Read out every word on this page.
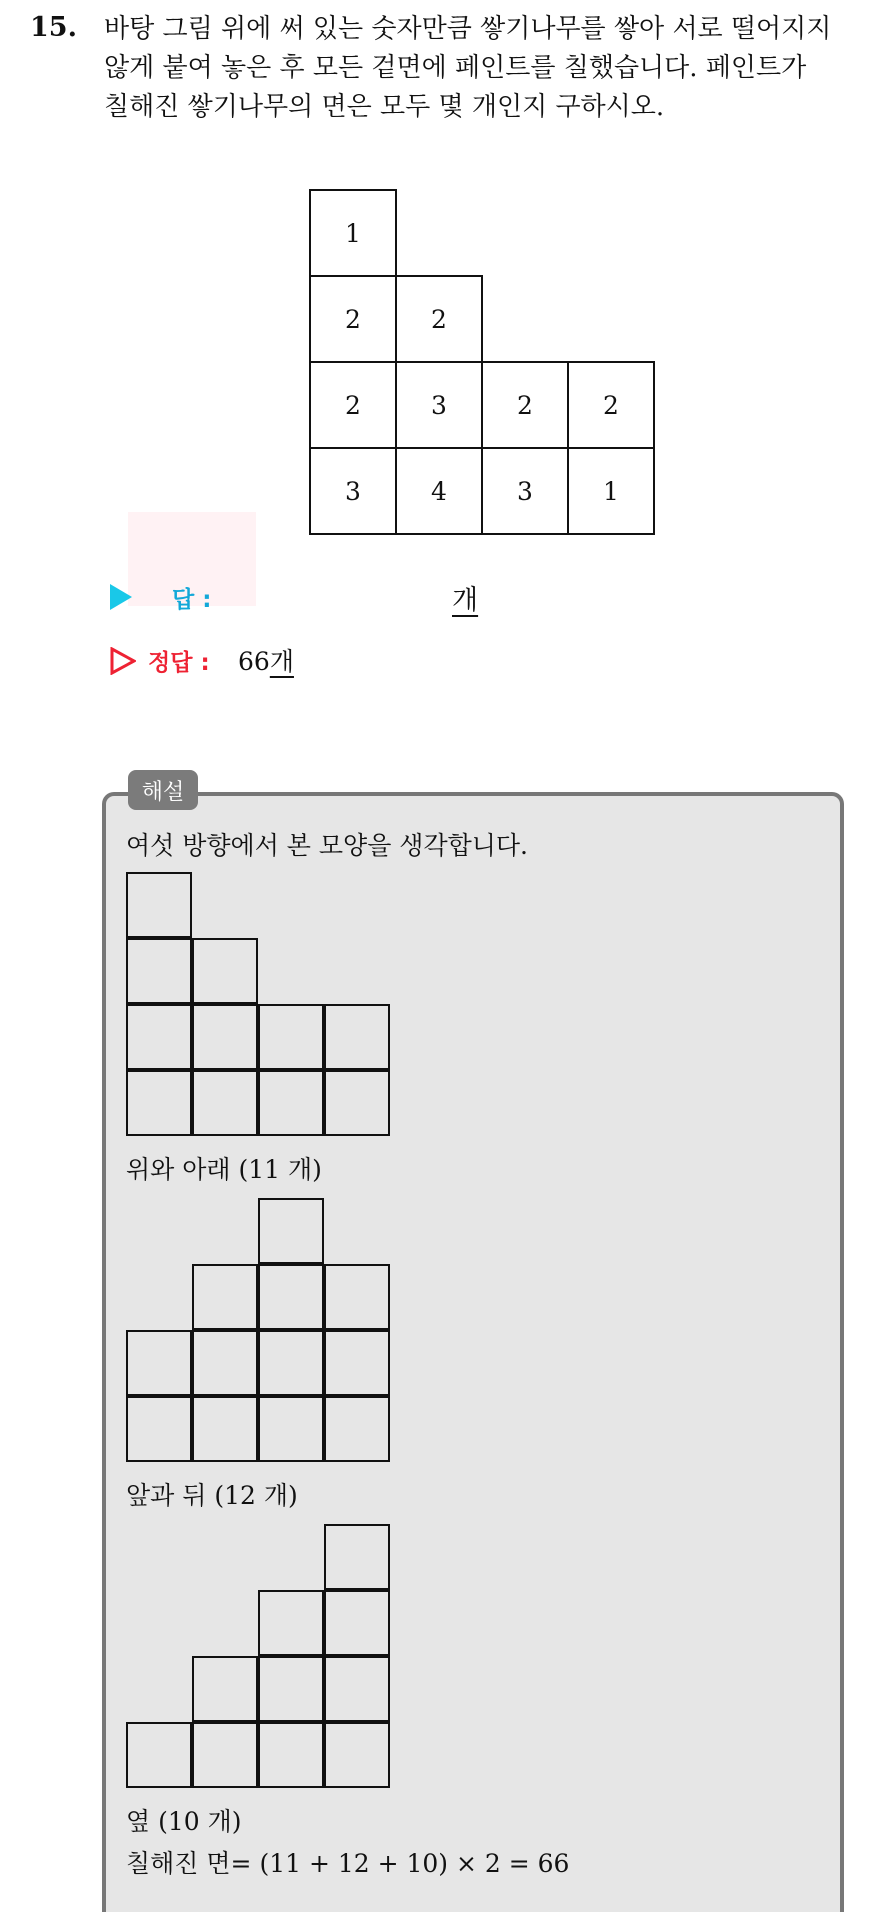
15. 바탕 그림 위에 써 있는 숫자만큼 쌓기나무를 쌓아 서로 떨어지지
않게 붙여 놓은 후 모든 겉면에 페인트를 칠했습니다. 페인트가
칠해진 쌓기나무의 면은 모두 몇 개인지 구하시오.
1
2	2
2	3	2	2
3	4	3	1
답 :	개
정답 : 66개
해설
여섯 방향에서 본 모양을 생각합니다.
위와 아래 (11 개)
앞과 뒤 (12 개)
옆 (10 개)
칠해진 면= (11 + 12 + 10) × 2 = 66
